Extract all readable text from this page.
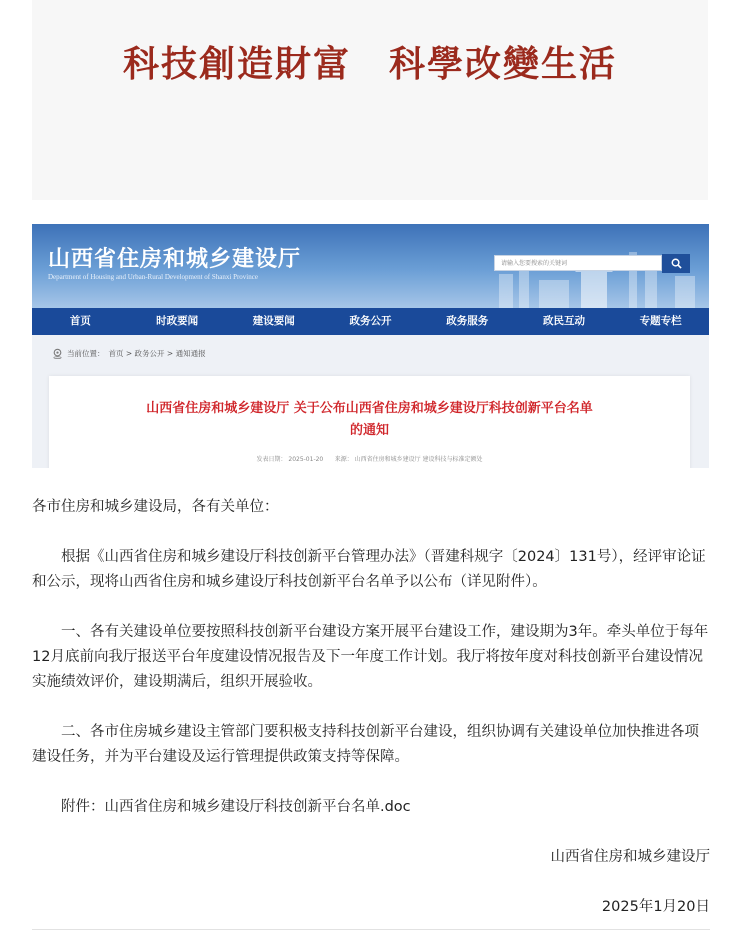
科技創造財富　科學改變生活
山西省住房和城乡建设厅
Department of Housing and Urban-Rural Development of Shanxi Province
请输入您要搜索的关键词
首页	时政要闻	建设要闻	政务公开	政务服务	政民互动	专题专栏
当前位置： 首页 > 政务公开 > 通知通报
山西省住房和城乡建设厅 关于公布山西省住房和城乡建设厅科技创新平台名单
的通知
发表日期： 2025-01-20 来源： 山西省住房和城乡建设厅 建设科技与标准定额处

各市住房和城乡建设局，各有关单位：

根据《山西省住房和城乡建设厅科技创新平台管理办法》（晋建科规字〔2024〕131号），经评审论证和公示，现将山西省住房和城乡建设厅科技创新平台名单予以公布（详见附件）。

一、各有关建设单位要按照科技创新平台建设方案开展平台建设工作，建设期为3年。牵头单位于每年12月底前向我厅报送平台年度建设情况报告及下一年度工作计划。我厅将按年度对科技创新平台建设情况实施绩效评价，建设期满后，组织开展验收。

二、各市住房城乡建设主管部门要积极支持科技创新平台建设，组织协调有关建设单位加快推进各项建设任务，并为平台建设及运行管理提供政策支持等保障。

附件：山西省住房和城乡建设厅科技创新平台名单.doc

山西省住房和城乡建设厅

2025年1月20日
